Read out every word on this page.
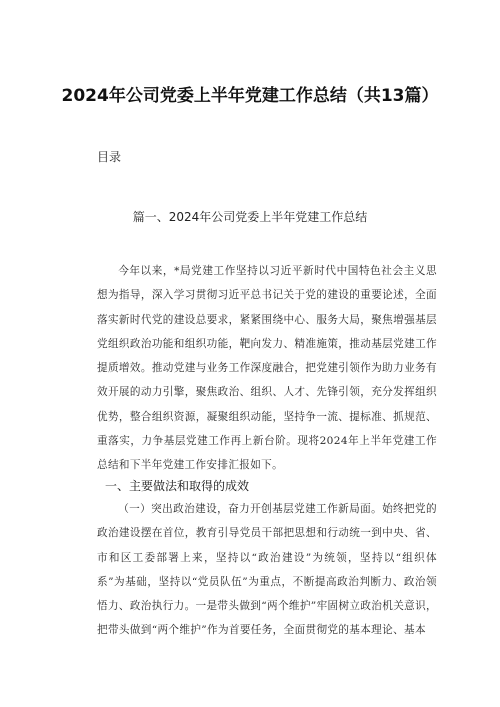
2024年公司党委上半年党建工作总结（共13篇）
目录
篇一、2024年公司党委上半年党建工作总结

今年以来，*局党建工作坚持以习近平新时代中国特色社会主义思想为指导，深入学习贯彻习近平总书记关于党的建设的重要论述，全面落实新时代党的建设总要求，紧紧围绕中心、服务大局，聚焦增强基层党组织政治功能和组织功能，靶向发力、精准施策，推动基层党建工作提质增效。推动党建与业务工作深度融合，把党建引领作为助力业务有效开展的动力引擎，聚焦政治、组织、人才、先锋引领，充分发挥组织优势，整合组织资源，凝聚组织动能，坚持争一流、提标准、抓规范、重落实，力争基层党建工作再上新台阶。现将2024年上半年党建工作总结和下半年党建工作安排汇报如下。

一、主要做法和取得的成效

（一）突出政治建设，奋力开创基层党建工作新局面。始终把党的政治建设摆在首位，教育引导党员干部把思想和行动统一到中央、省、市和区工委部署上来，坚持以“政治建设”为统领，坚持以“组织体系”为基础，坚持以“党员队伍”为重点，不断提高政治判断力、政治领悟力、政治执行力。一是带头做到“两个维护”牢固树立政治机关意识，把带头做到“两个维护”作为首要任务，全面贯彻党的基本理论、基本
